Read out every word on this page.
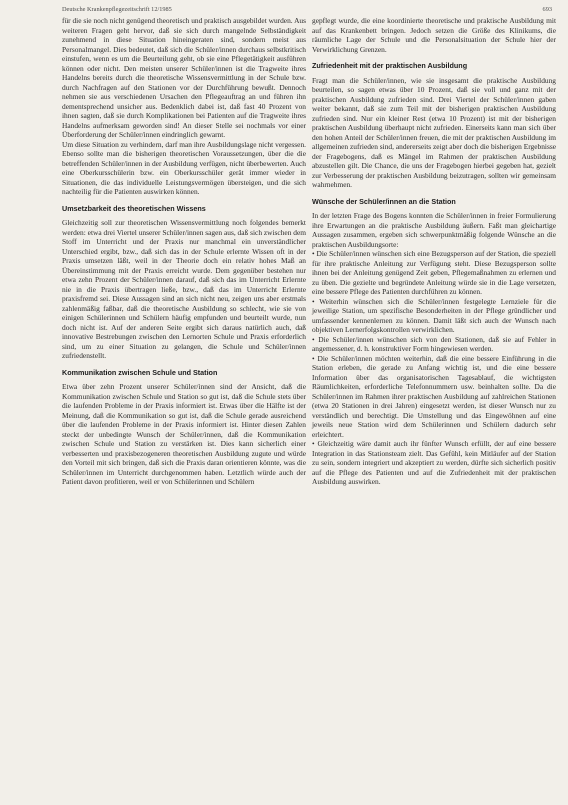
Deutsche Krankenpflegezeitschrift 12/1985	693

für die sie noch nicht genügend theoretisch und praktisch ausgebildet wurden. Aus weiteren Fragen geht hervor, daß sie sich durch mangelnde Selbständigkeit zunehmend in diese Situation hineingeraten sind, sondern meist aus Personalmangel. Dies bedeutet, daß sich die Schüler/innen durchaus selbstkritisch einstufen, wenn es um die Beurteilung geht, ob sie eine Pflegetätigkeit ausführen können oder nicht. Den meisten unserer Schüler/innen ist die Tragweite ihres Handelns bereits durch die theoretische Wissensvermittlung in der Schule bzw. durch Nachfragen auf den Stationen vor der Durchführung bewußt. Dennoch nehmen sie aus verschiedenen Ursachen den Pflegeauftrag an und führen ihn dementsprechend unsicher aus. Bedenklich dabei ist, daß fast 40 Prozent von ihnen sagten, daß sie durch Komplikationen bei Patienten auf die Tragweite ihres Handelns aufmerksam geworden sind! An dieser Stelle sei nochmals vor einer Überforderung der Schüler/innen eindringlich gewarnt.

Um diese Situation zu verhindern, darf man ihre Ausbildungslage nicht vergessen. Ebenso sollte man die bisherigen theoretischen Voraussetzungen, über die die betreffenden Schüler/innen in der Ausbildung verfügen, nicht überbewerten. Auch eine Oberkursschülerin bzw. ein Oberkursschüler gerät immer wieder in Situationen, die das individuelle Leistungsvermögen übersteigen, und die sich nachteilig für die Patienten auswirken können.

Umsetzbarkeit des theoretischen Wissens

Gleichzeitig soll zur theoretischen Wissensvermittlung noch folgendes bemerkt werden: etwa drei Viertel unserer Schüler/innen sagen aus, daß sich zwischen dem Stoff im Unterricht und der Praxis nur manchmal ein unverständlicher Unterschied ergibt, bzw., daß sich das in der Schule erlernte Wissen oft in der Praxis umsetzen läßt, weil in der Theorie doch ein relativ hohes Maß an Übereinstimmung mit der Praxis erreicht wurde. Dem gegenüber bestehen nur etwa zehn Prozent der Schüler/innen darauf, daß sich das im Unterricht Erlernte nie in die Praxis übertragen ließe, bzw., daß das im Unterricht Erlernte praxisfremd sei. Diese Aussagen sind an sich nicht neu, zeigen uns aber erstmals zahlenmäßig faßbar, daß die theoretische Ausbildung so schlecht, wie sie von einigen Schülerinnen und Schülern häufig empfunden und beurteilt wurde, nun doch nicht ist. Auf der anderen Seite ergibt sich daraus natürlich auch, daß innovative Bestrebungen zwischen den Lernorten Schule und Praxis erforderlich sind, um zu einer Situation zu gelangen, die Schule und Schüler/innen zufriedenstellt.

Kommunikation zwischen Schule und Station

Etwa über zehn Prozent unserer Schüler/innen sind der Ansicht, daß die Kommunikation zwischen Schule und Station so gut ist, daß die Schule stets über die laufenden Probleme in der Praxis informiert ist. Etwas über die Hälfte ist der Meinung, daß die Kommunikation so gut ist, daß die Schule gerade ausreichend über die laufenden Probleme in der Praxis informiert ist. Hinter diesen Zahlen steckt der unbedingte Wunsch der Schüler/innen, daß die Kommunikation zwischen Schule und Station zu verstärken ist. Dies kann sicherlich einer verbesserten und praxisbezogeneren theoretischen Ausbildung zugute und würde den Vorteil mit sich bringen, daß sich die Praxis daran orientieren könnte, was die Schüler/innen im Unterricht durchgenommen haben. Letztlich würde auch der Patient davon profitieren, weil er von Schülerinnen und Schülern

gepflegt wurde, die eine koordinierte theoretische und praktische Ausbildung mit auf das Krankenbett bringen. Jedoch setzen die Größe des Klinikums, die räumliche Lage der Schule und die Personalsituation der Schule hier der Verwirklichung Grenzen.

Zufriedenheit mit der praktischen Ausbildung

Fragt man die Schüler/innen, wie sie insgesamt die praktische Ausbildung beurteilen, so sagen etwas über 10 Prozent, daß sie voll und ganz mit der praktischen Ausbildung zufrieden sind. Drei Viertel der Schüler/innen gaben weiter bekannt, daß sie zum Teil mit der bisherigen praktischen Ausbildung zufrieden sind. Nur ein kleiner Rest (etwa 10 Prozent) ist mit der bisherigen praktischen Ausbildung überhaupt nicht zufrieden. Einerseits kann man sich über den hohen Anteil der Schüler/innen freuen, die mit der praktischen Ausbildung im allgemeinen zufrieden sind, andererseits zeigt aber doch die bisherigen Ergebnisse der Fragebogens, daß es Mängel im Rahmen der praktischen Ausbildung abzustellen gilt. Die Chance, die uns der Fragebogen hierbei gegeben hat, gezielt zur Verbesserung der praktischen Ausbildung beizutragen, sollten wir gemeinsam wahrnehmen.

Wünsche der Schüler/innen an die Station

In der letzten Frage des Bogens konnten die Schüler/innen in freier Formulierung ihre Erwartungen an die praktische Ausbildung äußern. Faßt man gleichartige Aussagen zusammen, ergeben sich schwerpunktmäßig folgende Wünsche an die praktischen Ausbildungsorte:

• Die Schüler/innen wünschen sich eine Bezugsperson auf der Station, die speziell für ihre praktische Anleitung zur Verfügung steht. Diese Bezugsperson sollte ihnen bei der Anleitung genügend Zeit geben, Pflegemaßnahmen zu erlernen und zu üben. Die gezielte und begründete Anleitung würde sie in die Lage versetzen, eine bessere Pflege des Patienten durchführen zu können.
• Weiterhin wünschen sich die Schüler/innen festgelegte Lernziele für die jeweilige Station, um spezifische Besonderheiten in der Pflege gründlicher und umfassender kennenlernen zu können. Damit läßt sich auch der Wunsch nach objektiven Lernerfolgskontrollen verwirklichen.
• Die Schüler/innen wünschen sich von den Stationen, daß sie auf Fehler in angemessener, d. h. konstruktiver Form hingewiesen werden.
• Die Schüler/innen möchten weiterhin, daß die eine bessere Einführung in die Station erleben, die gerade zu Anfang wichtig ist, und die eine bessere Information über das organisatorischen Tagesablauf, die wichtigsten Räumlichkeiten, erforderliche Telefonnummern usw. beinhalten sollte. Da die Schüler/innen im Rahmen ihrer praktischen Ausbildung auf zahlreichen Stationen (etwa 20 Stationen in drei Jahren) eingesetzt werden, ist dieser Wunsch nur zu verständlich und berechtigt. Die Umstellung und das Eingewöhnen auf eine jeweils neue Station wird dem Schülerinnen und Schülern dadurch sehr erleichtert.
• Gleichzeitig wäre damit auch ihr fünfter Wunsch erfüllt, der auf eine bessere Integration in das Stationsteam zielt. Das Gefühl, kein Mitläufer auf der Station zu sein, sondern integriert und akzeptiert zu werden, dürfte sich sicherlich positiv auf die Pflege des Patienten und auf die Zufriedenheit mit der praktischen Ausbildung auswirken.
